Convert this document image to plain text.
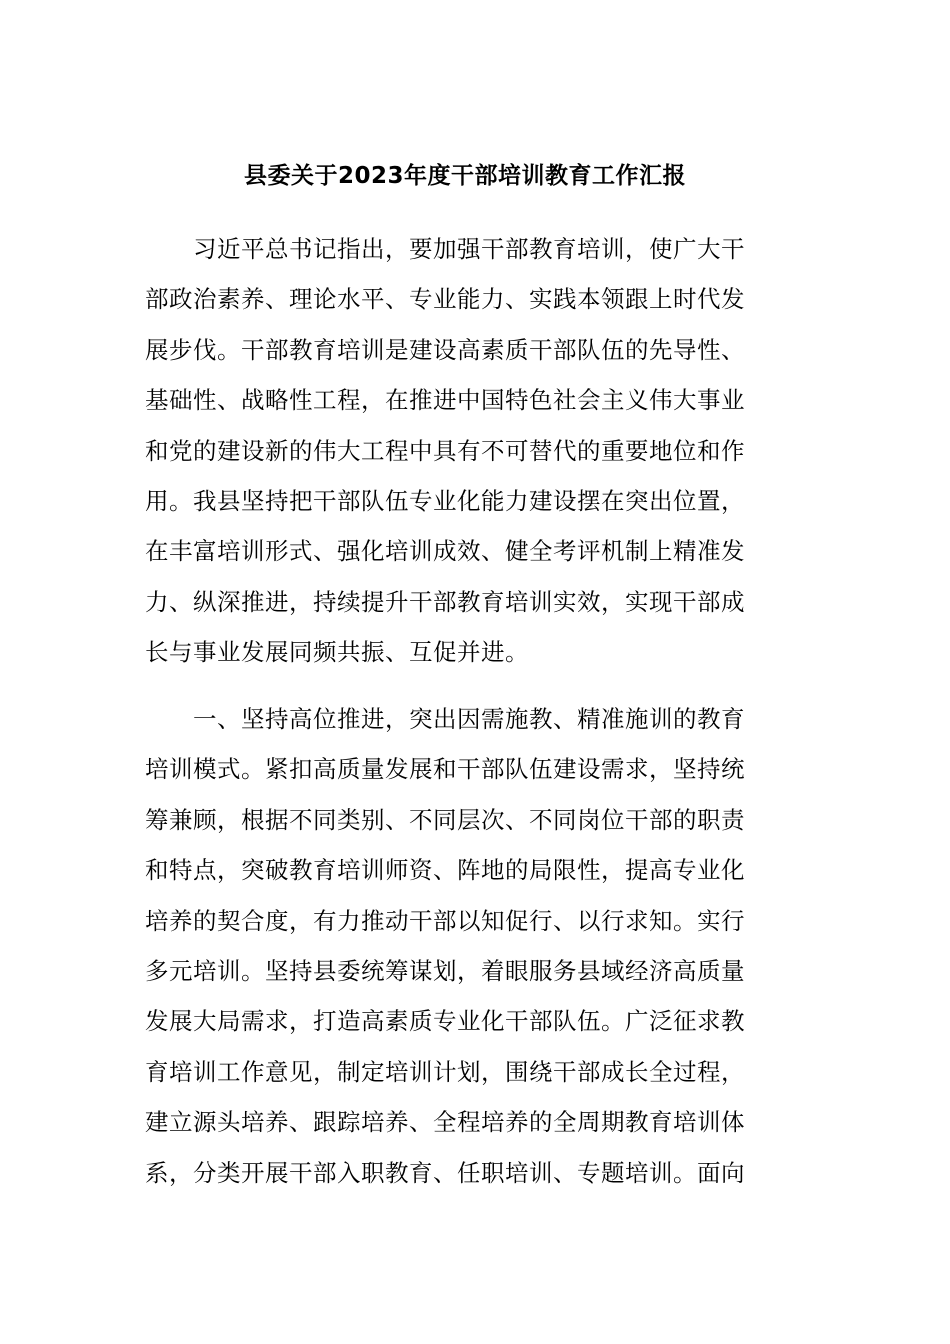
县委关于2023年度干部培训教育工作汇报
习近平总书记指出，要加强干部教育培训，使广大干
部政治素养、理论水平、专业能力、实践本领跟上时代发
展步伐。干部教育培训是建设高素质干部队伍的先导性、
基础性、战略性工程，在推进中国特色社会主义伟大事业
和党的建设新的伟大工程中具有不可替代的重要地位和作
用。我县坚持把干部队伍专业化能力建设摆在突出位置，
在丰富培训形式、强化培训成效、健全考评机制上精准发
力、纵深推进，持续提升干部教育培训实效，实现干部成
长与事业发展同频共振、互促并进。
一、坚持高位推进，突出因需施教、精准施训的教育
培训模式。紧扣高质量发展和干部队伍建设需求，坚持统
筹兼顾，根据不同类别、不同层次、不同岗位干部的职责
和特点，突破教育培训师资、阵地的局限性，提高专业化
培养的契合度，有力推动干部以知促行、以行求知。实行
多元培训。坚持县委统筹谋划，着眼服务县域经济高质量
发展大局需求，打造高素质专业化干部队伍。广泛征求教
育培训工作意见，制定培训计划，围绕干部成长全过程，
建立源头培养、跟踪培养、全程培养的全周期教育培训体
系，分类开展干部入职教育、任职培训、专题培训。面向
